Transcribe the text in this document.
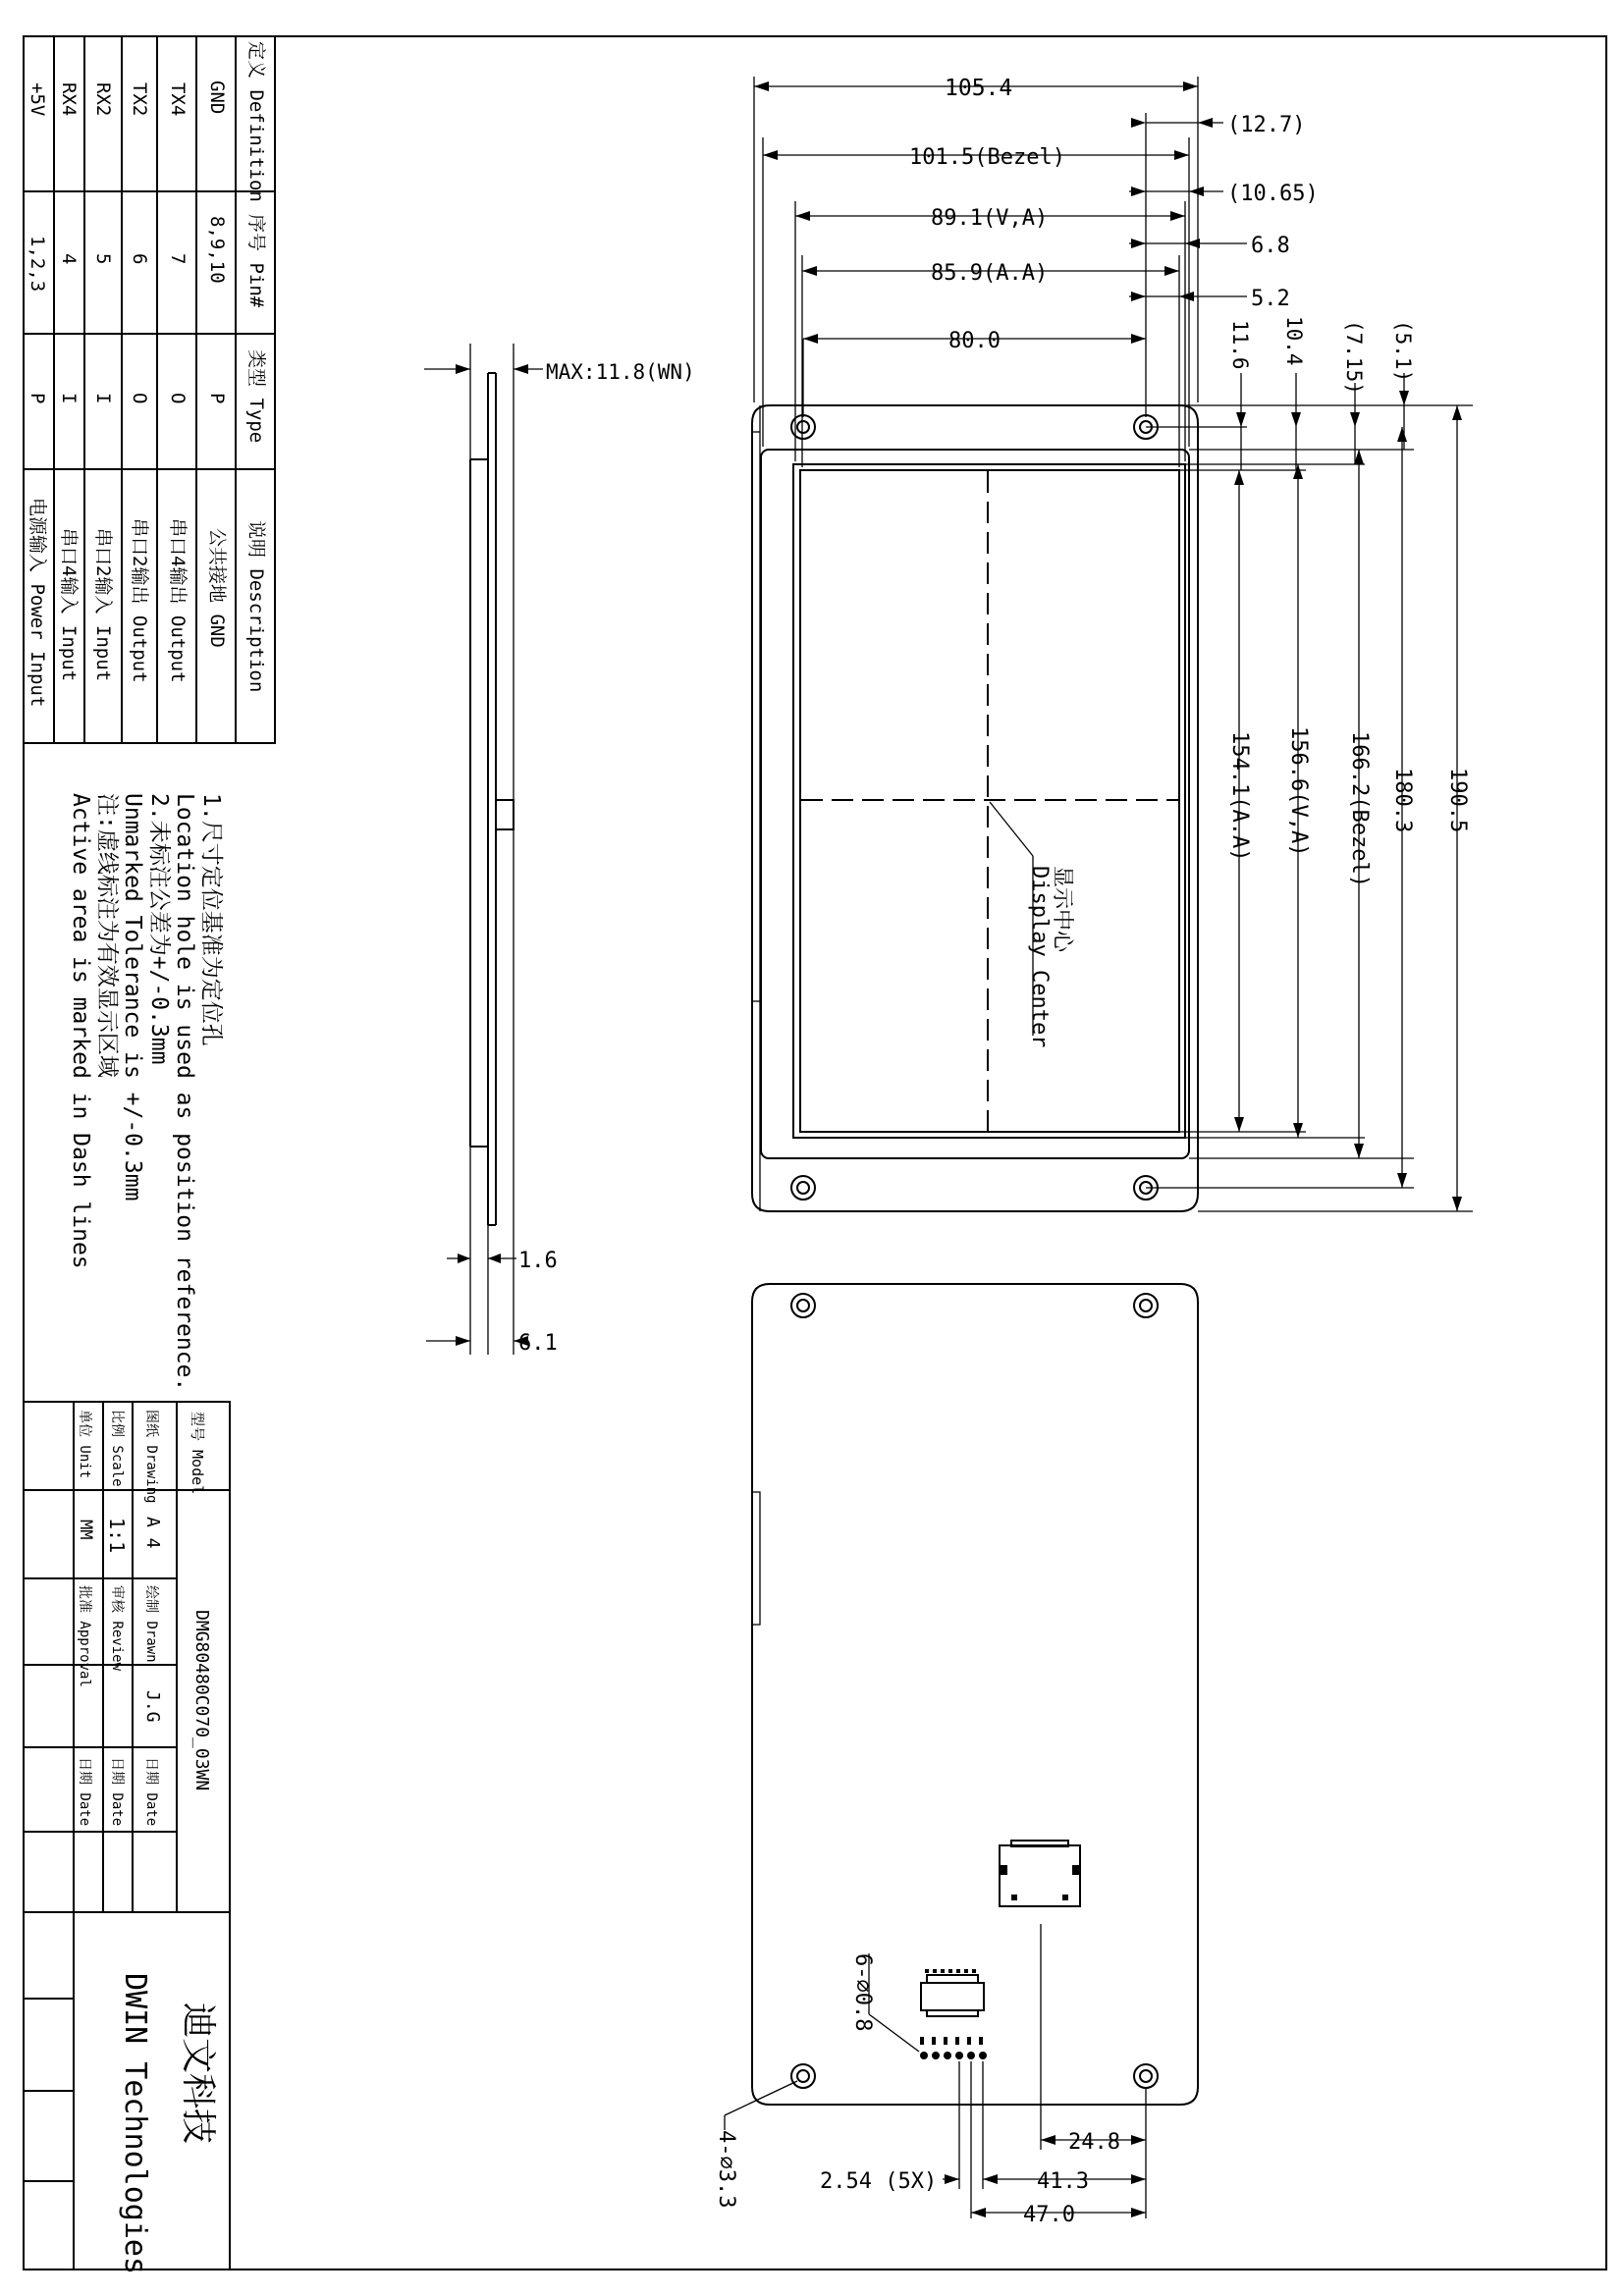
定义 Definition
序号 Pin#
类型 Type
说明 Description
GND
8,9,10
P
公共接地 GND
TX4
7
O
串口4输出 Output
TX2
6
O
串口2输出 Output
RX2
5
I
串口2输入 Input
RX4
4
I
串口4输入 Input
+5V
1,2,3
P
电源输入 Power Input
1.尺寸定位基准为定位孔
Location hole is used as position reference.
2.未标注公差为+/-0.3mm
Unmarked Tolerance is +/-0.3mm
注:虚线标注为有效显示区域
Active area is marked in Dash lines
型号 Model
DMG80480C070_03WN
图纸 Drawing
A 4
绘制 Drawn
J.G
日期 Date
比例 Scale
1:1
审核 Review
日期 Date
单位 Unit
MM
批准 Approval
日期 Date
迪文科技
DWIN Technologies
MAX:11.8(WN)
1.6
6.1
显示中心
Display Center
105.4
101.5(Bezel)
89.1(V,A)
85.9(A.A)
80.0
(12.7)
(10.65)
6.8
5.2
11.6 10.4 (7.15) (5.1)
154.1(A.A) 156.6(V,A) 166.2(Bezel) 180.3 190.5
6-⌀0.8
4-⌀3.3	24.8
41.3
2.54 (5X)
47.0
